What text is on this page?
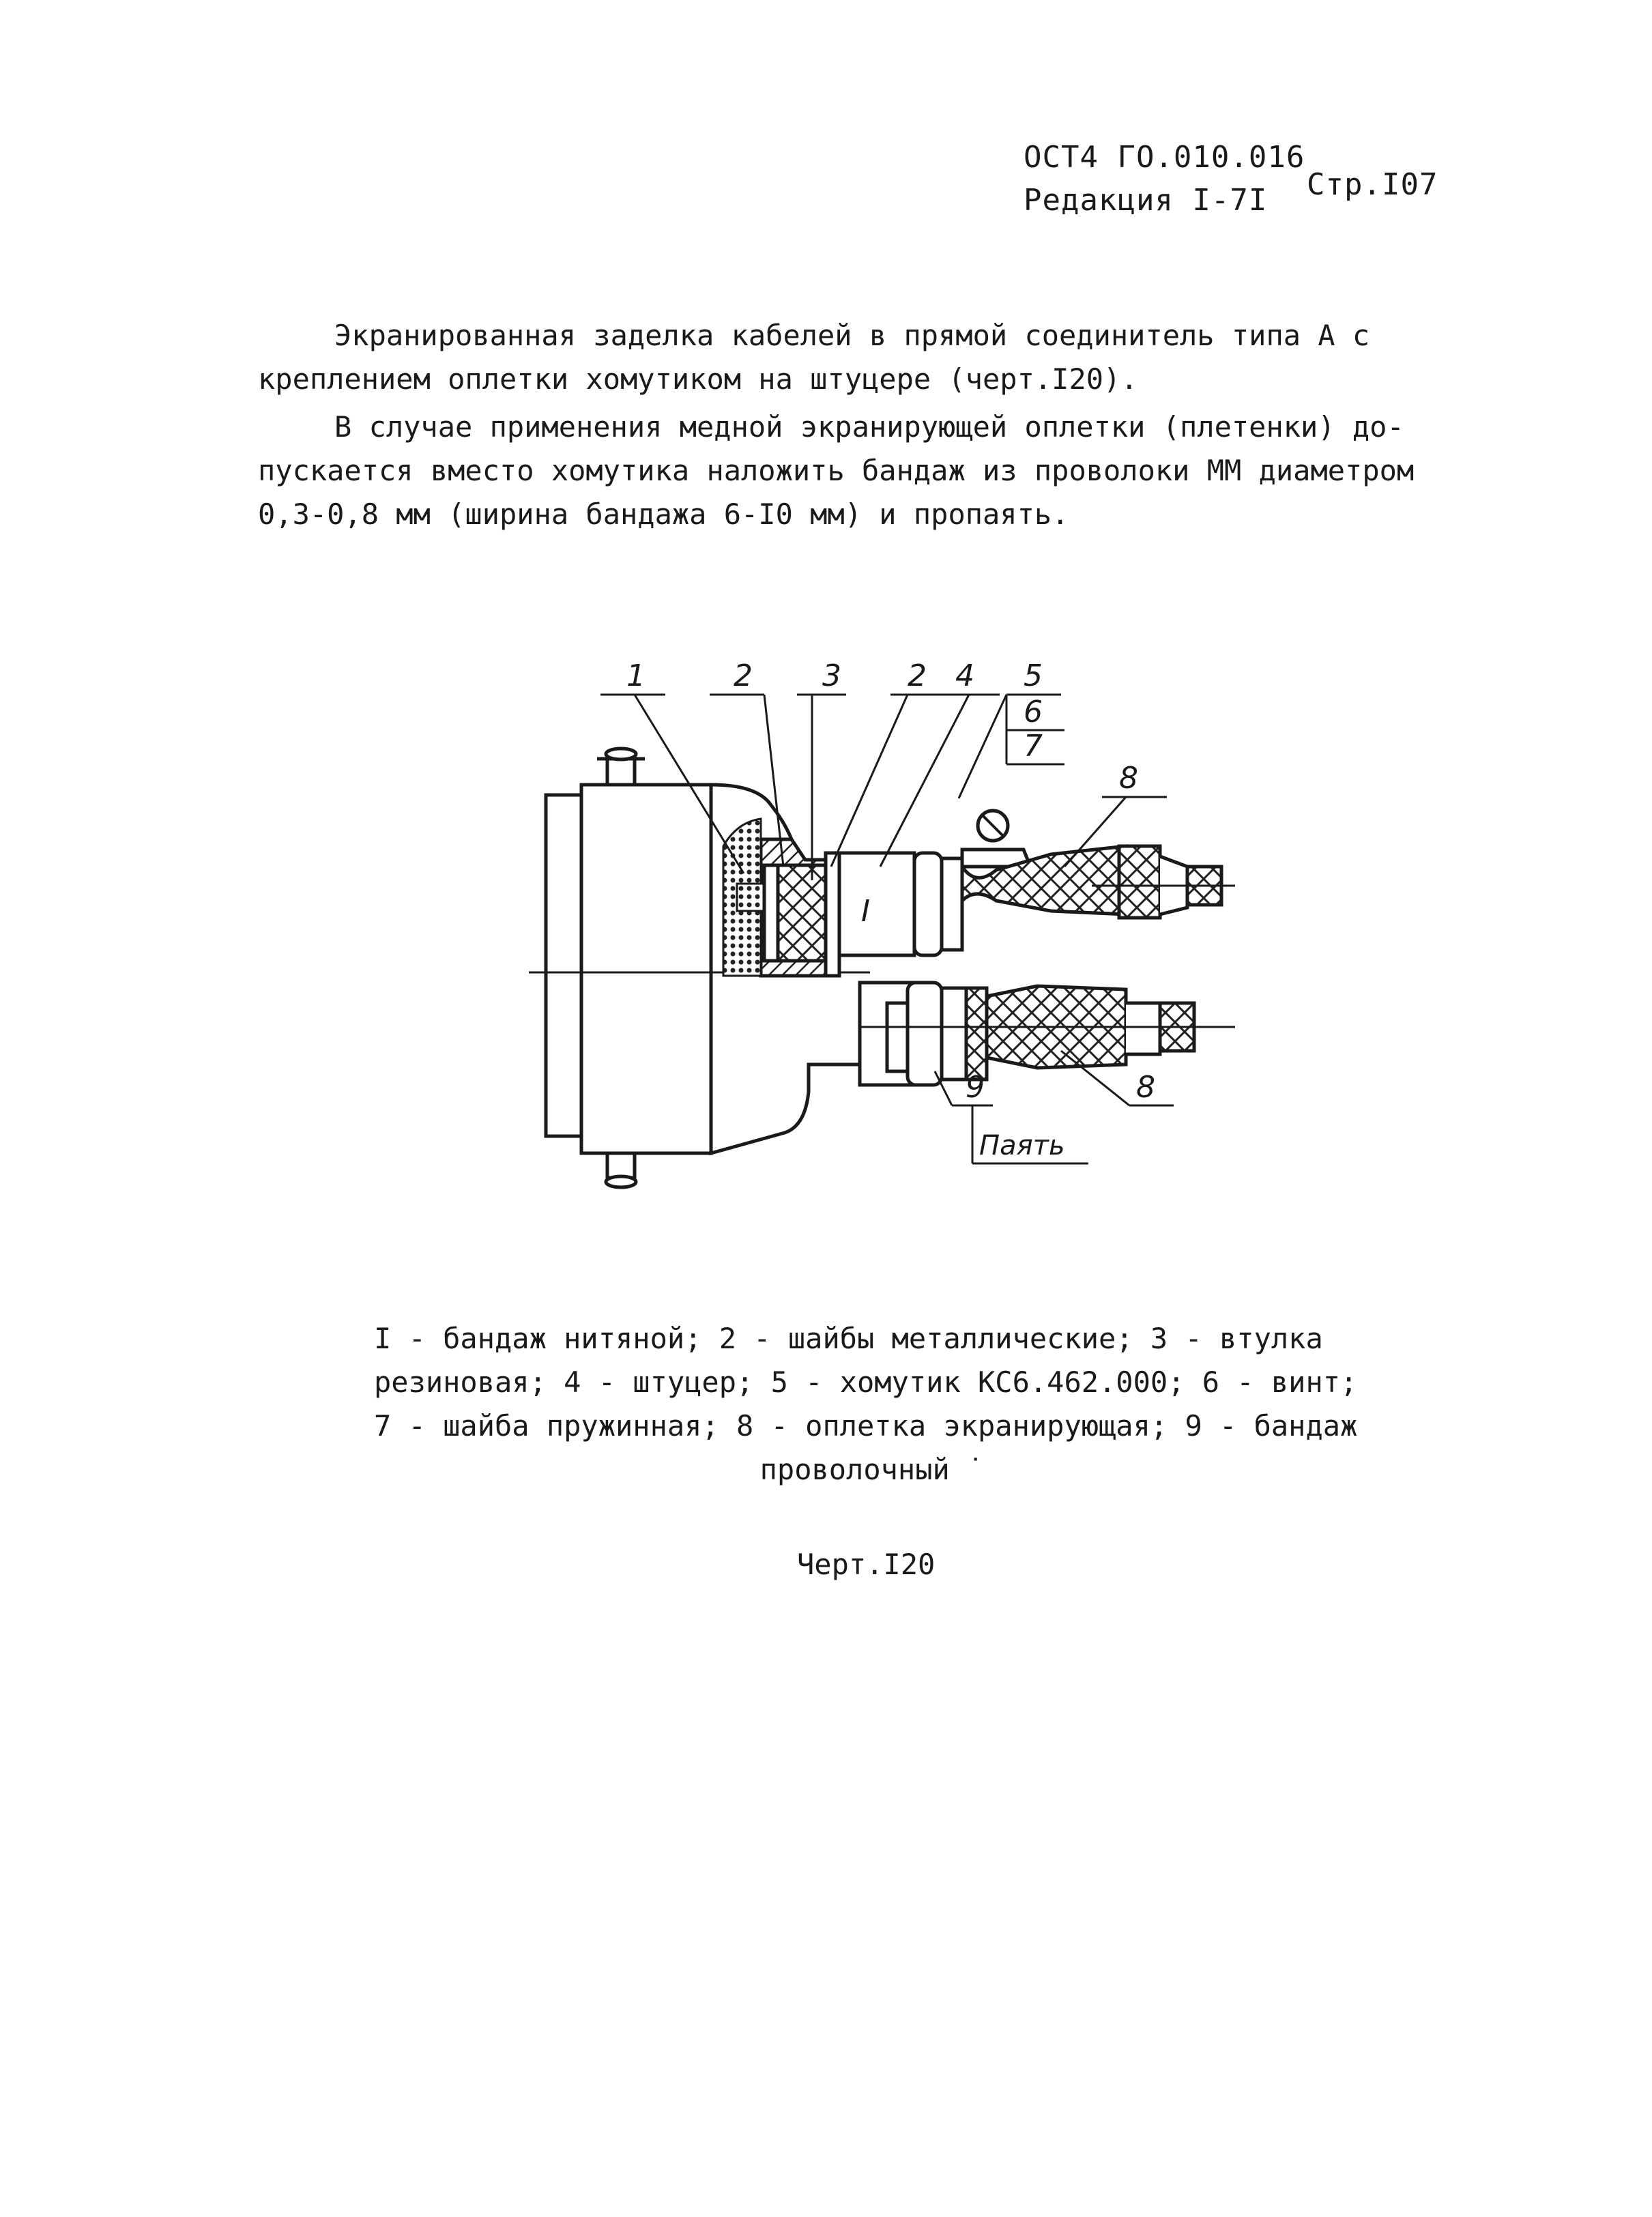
ОСТ4 ГО.010.016
Редакция I-7I Стр.I07
Экранированная заделка кабелей в прямой соединитель типа А с
креплением оплетки хомутиком на штуцере (черт.I20).
В случае применения медной экранирующей оплетки (плетенки) до-
пускается вместо хомутика наложить бандаж из проволоки ММ диаметром
0,3-0,8 мм (ширина бандажа 6-I0 мм) и пропаять.
I
1	2 3 2 4 5
6
7
8
8
9
Паять
I - бандаж нитяной; 2 - шайбы металлические; 3 - втулка
резиновая; 4 - штуцер; 5 - хомутик КС6.462.000; 6 - винт;
7 - шайба пружинная; 8 - оплетка экранирующая; 9 - бандаж
проволочный ˙
Черт.I20
